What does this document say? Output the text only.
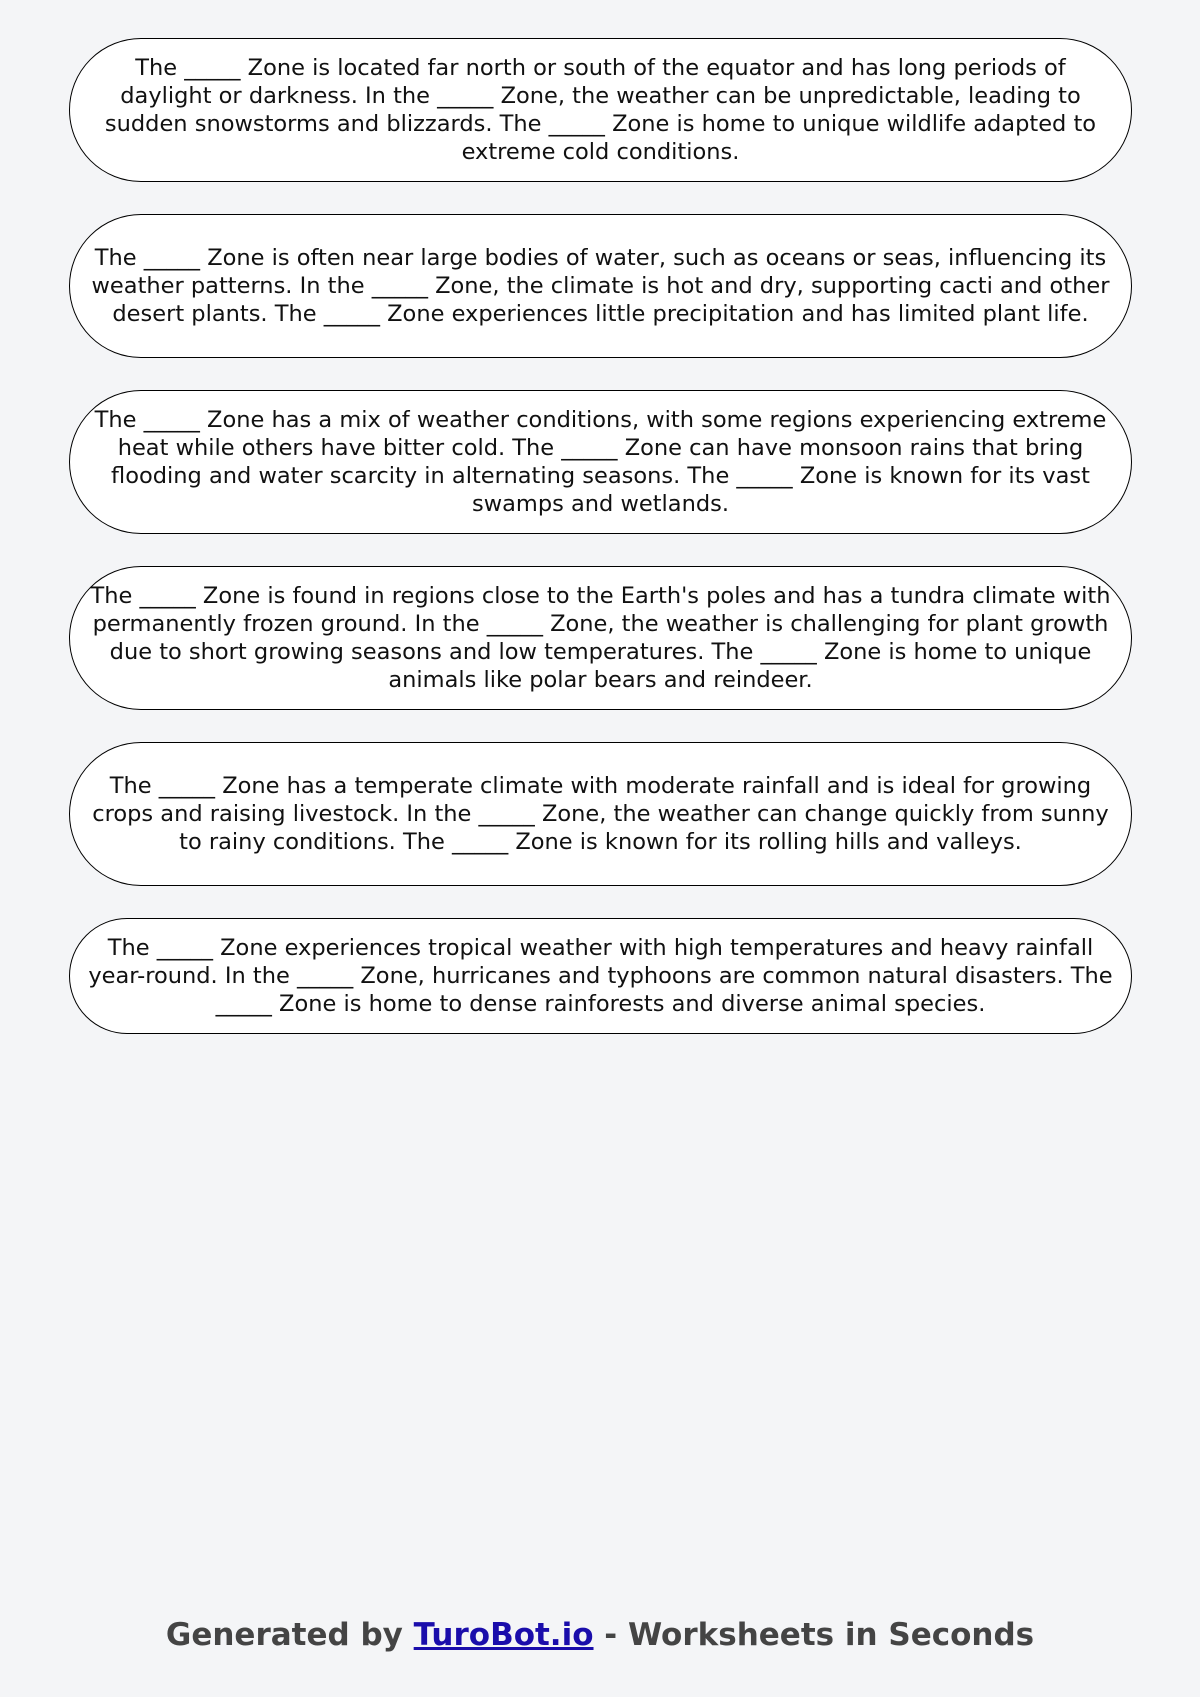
The _____ Zone is located far north or south of the equator and has long periods of daylight or darkness. In the _____ Zone, the weather can be unpredictable, leading to sudden snowstorms and blizzards. The _____ Zone is home to unique wildlife adapted to extreme cold conditions.

The _____ Zone is often near large bodies of water, such as oceans or seas, influencing its weather patterns. In the _____ Zone, the climate is hot and dry, supporting cacti and other desert plants. The _____ Zone experiences little precipitation and has limited plant life.

The _____ Zone has a mix of weather conditions, with some regions experiencing extreme heat while others have bitter cold. The _____ Zone can have monsoon rains that bring flooding and water scarcity in alternating seasons. The _____ Zone is known for its vast swamps and wetlands.

The _____ Zone is found in regions close to the Earth's poles and has a tundra climate with permanently frozen ground. In the _____ Zone, the weather is challenging for plant growth due to short growing seasons and low temperatures. The _____ Zone is home to unique animals like polar bears and reindeer.

The _____ Zone has a temperate climate with moderate rainfall and is ideal for growing crops and raising livestock. In the _____ Zone, the weather can change quickly from sunny to rainy conditions. The _____ Zone is known for its rolling hills and valleys.

The _____ Zone experiences tropical weather with high temperatures and heavy rainfall year-round. In the _____ Zone, hurricanes and typhoons are common natural disasters. The _____ Zone is home to dense rainforests and diverse animal species.

Generated by TuroBot.io - Worksheets in Seconds
